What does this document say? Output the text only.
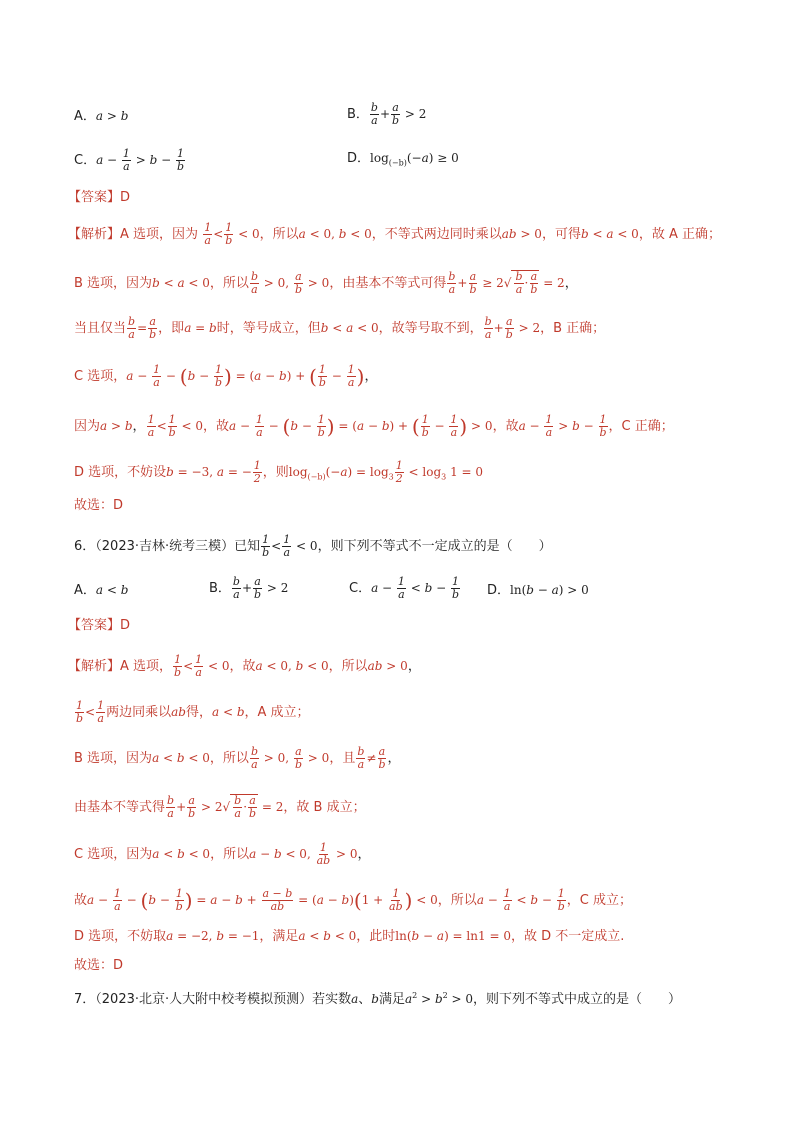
A．a > b	B． $\frac{b}{a} + \frac{a}{b} > 2$
C．$a - \frac{1}{a} > b - \frac{1}{b}$	D．$\log_{(-b)}(-a) \ge 0$
【答案】D
【解析】A 选项，因为 $\frac{1}{a} < \frac{1}{b} < 0$，所以a < 0, b < 0，不等式两边同时乘以ab > 0，可得b < a < 0，故 A 正确；
B 选项，因为b < a < 0，所以 $\frac{b}{a} > 0$, $\frac{a}{b} > 0$，由基本不等式可得 $\frac{b}{a} + \frac{a}{b} \ge 2√ \frac{b}{a} \cdot \frac{a}{b} = 2$，
当且仅当 $\frac{b}{a} = \frac{a}{b}$ ，即a = b时，等号成立，但b < a < 0，故等号取不到， $\frac{b}{a} + \frac{a}{b} > 2$，B 正确；
C 选项，$a - \frac{1}{a} - (b - \frac{1}{b}$ ) = (a − b) + ( $\frac{1}{b} - \frac{1}{a}$ )，
因为a > b， $\frac{1}{a} < \frac{1}{b} < 0$，故$a - \frac{1}{a} - (b - \frac{1}{b}$ ) = (a − b) + ( $\frac{1}{b} - \frac{1}{a}$ ) > 0，故$a - \frac{1}{a} > b - \frac{1}{b}$ ，C 正确；
D 选项，不妨设b = −3, a = − $\frac{1}{2}$ ，则$\log_{(-b)}(-a) = \log_3 \frac{1}{2} < \log_3 1 = 0$
故选：D
6．（2023·吉林·统考三模）已知 $\frac{1}{b} < \frac{1}{a} < 0$，则下列不等式不一定成立的是（　　）
A．a < b	B． $\frac{b}{a} + \frac{a}{b} > 2$	C．$a - \frac{1}{a} < b - \frac{1}{b}$ D．ln(b − a) > 0
【答案】D
【解析】A 选项， $\frac{1}{b} < \frac{1}{a} < 0$，故a < 0, b < 0，所以ab > 0，
$\frac{1}{b} < \frac{1}{a}$ 两边同乘以ab得，a < b，A 成立；
B 选项，因为a < b < 0，所以 $\frac{b}{a} > 0$, $\frac{a}{b} > 0$，且 $\frac{b}{a} \ne \frac{a}{b}$ ，
由基本不等式得 $\frac{b}{a} + \frac{a}{b} > 2√ \frac{b}{a} \cdot \frac{a}{b} = 2$，故 B 成立；
C 选项，因为a < b < 0，所以a − b < 0, $\frac{1}{ab} > 0$，
故$a - \frac{1}{a} - (b - \frac{1}{b}$ ) = $a - b + \frac{a - b}{ab} = (a - b)(1 + \frac{1}{ab}$ ) < 0，所以$a - \frac{1}{a} < b - \frac{1}{b}$ ，C 成立；
D 选项，不妨取a = −2, b = −1，满足a < b < 0，此时ln(b − a) = ln1 = 0，故 D 不一定成立.
故选：D
7．（2023·北京·人大附中校考模拟预测）若实数a、b满足$a^2 > b^2 > 0$，则下列不等式中成立的是（　　）
